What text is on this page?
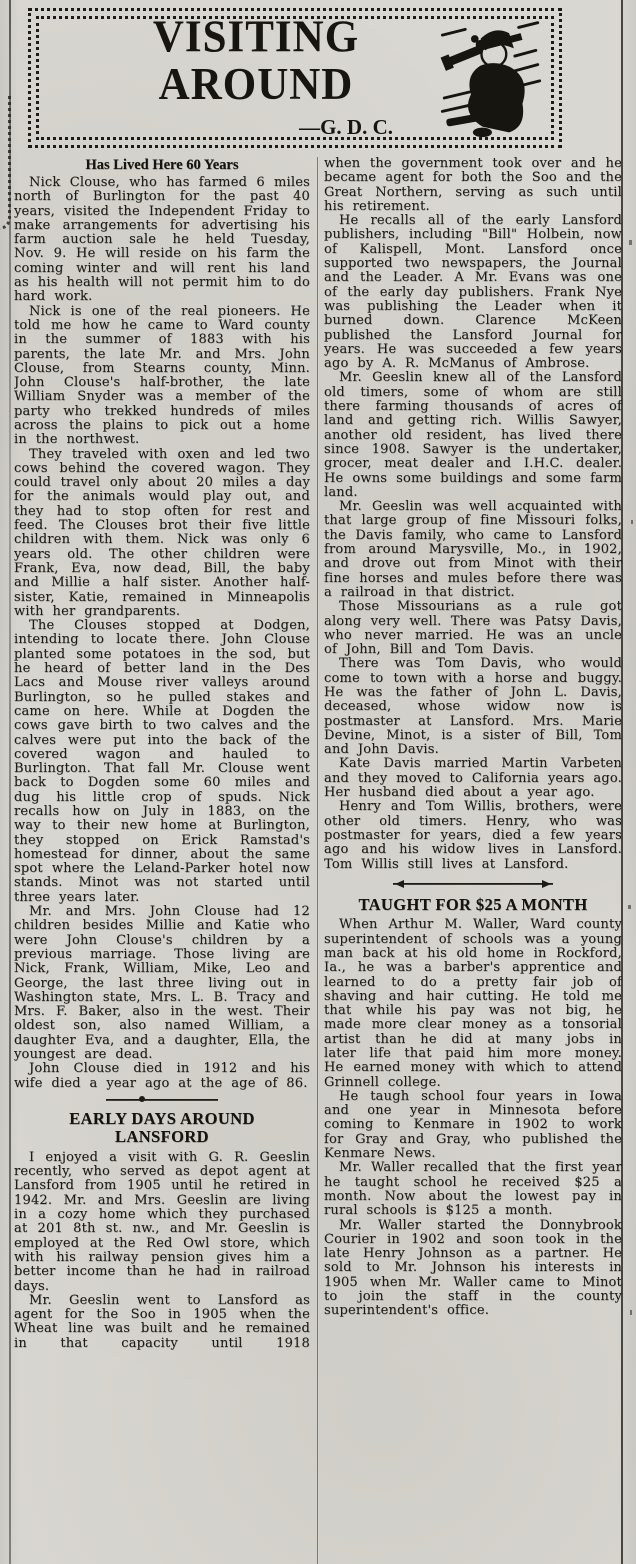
VISITING AROUND
—G. D. C.
Has Lived Here 60 Years

Nick Clouse, who has farmed 6 miles north of Burlington for the past 40 years, visited the Independent Friday to make arrangements for advertising his farm auction sale he held Tuesday, Nov. 9. He will reside on his farm the coming winter and will rent his land as his health will not permit him to do hard work.

Nick is one of the real pioneers. He told me how he came to Ward county in the summer of 1883 with his parents, the late Mr. and Mrs. John Clouse, from Stearns county, Minn. John Clouse's half-brother, the late William Snyder was a member of the party who trekked hundreds of miles across the plains to pick out a home in the northwest.

They traveled with oxen and led two cows behind the covered wagon. They could travel only about 20 miles a day for the animals would play out, and they had to stop often for rest and feed. The Clouses brot their five little children with them. Nick was only 6 years old. The other children were Frank, Eva, now dead, Bill, the baby and Millie a half sister. Another half-sister, Katie, remained in Minneapolis with her grandparents.

The Clouses stopped at Dodgen, intending to locate there. John Clouse planted some potatoes in the sod, but he heard of better land in the Des Lacs and Mouse river valleys around Burlington, so he pulled stakes and came on here. While at Dogden the cows gave birth to two calves and the calves were put into the back of the covered wagon and hauled to Burlington. That fall Mr. Clouse went back to Dogden some 60 miles and dug his little crop of spuds. Nick recalls how on July in 1883, on the way to their new home at Burlington, they stopped on Erick Ramstad's homestead for dinner, about the same spot where the Leland-Parker hotel now stands. Minot was not started until three years later.

Mr. and Mrs. John Clouse had 12 children besides Millie and Katie who were John Clouse's children by a previous marriage. Those living are Nick, Frank, William, Mike, Leo and George, the last three living out in Washington state, Mrs. L. B. Tracy and Mrs. F. Baker, also in the west. Their oldest son, also named William, a daughter Eva, and a daughter, Ella, the youngest are dead.

John Clouse died in 1912 and his wife died a year ago at the age of 86.

EARLY DAYS AROUND LANSFORD

I enjoyed a visit with G. R. Geeslin recently, who served as depot agent at Lansford from 1905 until he retired in 1942. Mr. and Mrs. Geeslin are living in a cozy home which they purchased at 201 8th st. nw., and Mr. Geeslin is employed at the Red Owl store, which with his railway pension gives him a better income than he had in railroad days.

Mr. Geeslin went to Lansford as agent for the Soo in 1905 when the Wheat line was built and he remained in that capacity until 1918

when the government took over and he became agent for both the Soo and the Great Northern, serving as such until his retirement.

He recalls all of the early Lansford publishers, including "Bill" Holbein, now of Kalispell, Mont. Lansford once supported two newspapers, the Journal and the Leader. A Mr. Evans was one of the early day publishers. Frank Nye was publishing the Leader when it burned down. Clarence McKeen published the Lansford Journal for years. He was succeeded a few years ago by A. R. McManus of Ambrose.

Mr. Geeslin knew all of the Lansford old timers, some of whom are still there farming thousands of acres of land and getting rich. Willis Sawyer, another old resident, has lived there since 1908. Sawyer is the undertaker, grocer, meat dealer and I.H.C. dealer. He owns some buildings and some farm land.

Mr. Geeslin was well acquainted with that large group of fine Missouri folks, the Davis family, who came to Lansford from around Marysville, Mo., in 1902, and drove out from Minot with their fine horses and mules before there was a railroad in that district.

Those Missourians as a rule got along very well. There was Patsy Davis, who never married. He was an uncle of John, Bill and Tom Davis.

There was Tom Davis, who would come to town with a horse and buggy. He was the father of John L. Davis, deceased, whose widow now is postmaster at Lansford. Mrs. Marie Devine, Minot, is a sister of Bill, Tom and John Davis.

Kate Davis married Martin Varbeten and they moved to California years ago. Her husband died about a year ago.

Henry and Tom Willis, brothers, were other old timers. Henry, who was postmaster for years, died a few years ago and his widow lives in Lansford. Tom Willis still lives at Lansford.

TAUGHT FOR $25 A MONTH

When Arthur M. Waller, Ward county superintendent of schools was a young man back at his old home in Rockford, Ia., he was a barber's apprentice and learned to do a pretty fair job of shaving and hair cutting. He told me that while his pay was not big, he made more clear money as a tonsorial artist than he did at many jobs in later life that paid him more money. He earned money with which to attend Grinnell college.

He taugh school four years in Iowa and one year in Minnesota before coming to Kenmare in 1902 to work for Gray and Gray, who published the Kenmare News.

Mr. Waller recalled that the first year he taught school he received $25 a month. Now about the lowest pay in rural schools is $125 a month.

Mr. Waller started the Donnybrook Courier in 1902 and soon took in the late Henry Johnson as a partner. He sold to Mr. Johnson his interests in 1905 when Mr. Waller came to Minot to join the staff in the county superintendent's office.
